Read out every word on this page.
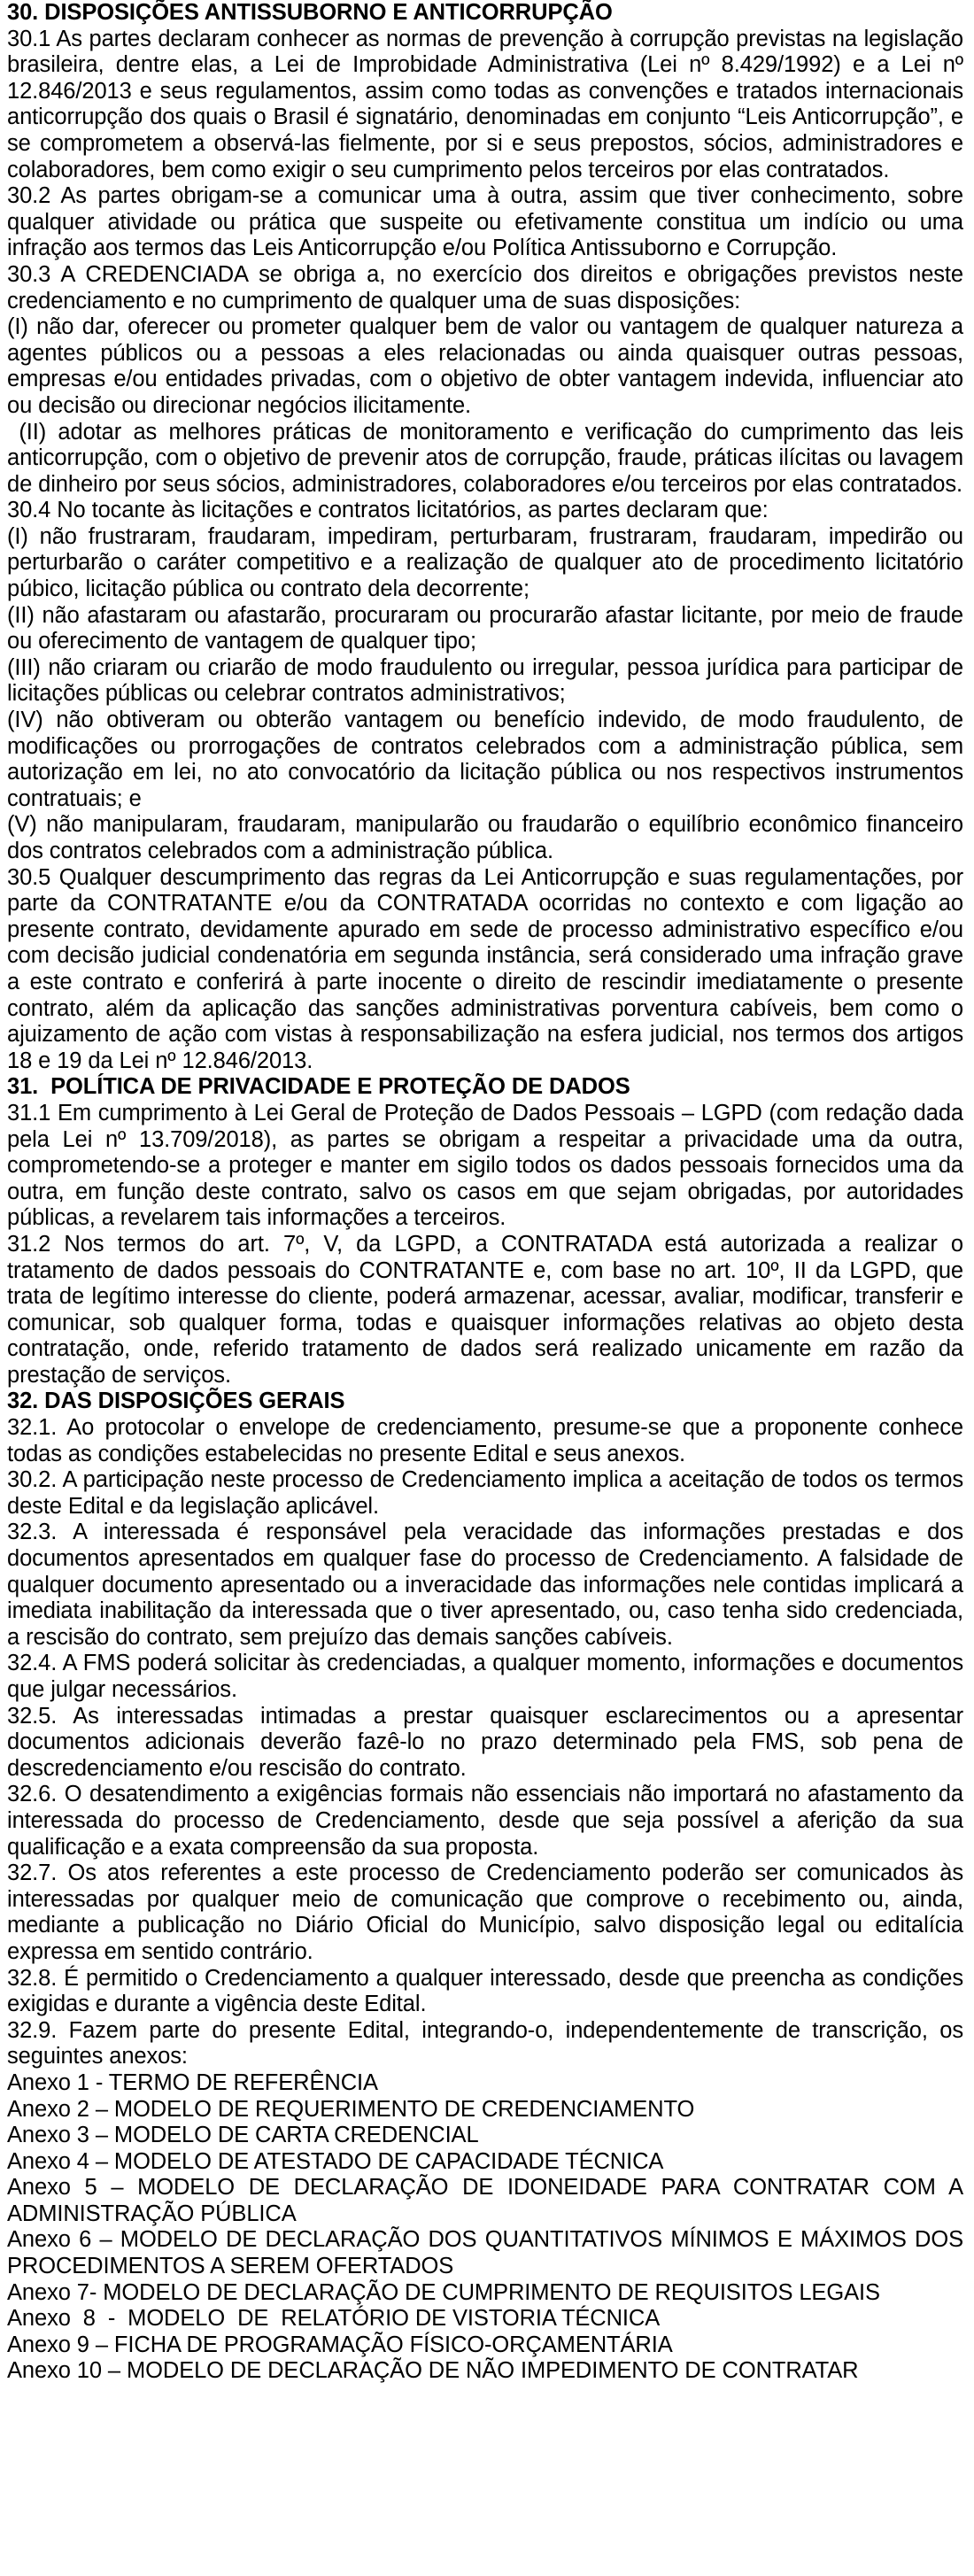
30. DISPOSIÇÕES ANTISSUBORNO E ANTICORRUPÇÃO

30.1 As partes declaram conhecer as normas de prevenção à corrupção previstas na legislação brasileira, dentre elas, a Lei de Improbidade Administrativa (Lei nº 8.429/1992) e a Lei nº 12.846/2013 e seus regulamentos, assim como todas as convenções e tratados internacionais anticorrupção dos quais o Brasil é signatário, denominadas em conjunto “Leis Anticorrupção”, e se comprometem a observá-las fielmente, por si e seus prepostos, sócios, administradores e colaboradores, bem como exigir o seu cumprimento pelos terceiros por elas contratados.

30.2 As partes obrigam-se a comunicar uma à outra, assim que tiver conhecimento, sobre qualquer atividade ou prática que suspeite ou efetivamente constitua um indício ou uma infração aos termos das Leis Anticorrupção e/ou Política Antissuborno e Corrupção.

30.3 A CREDENCIADA se obriga a, no exercício dos direitos e obrigações previstos neste credenciamento e no cumprimento de qualquer uma de suas disposições:

(I) não dar, oferecer ou prometer qualquer bem de valor ou vantagem de qualquer natureza a agentes públicos ou a pessoas a eles relacionadas ou ainda quaisquer outras pessoas, empresas e/ou entidades privadas, com o objetivo de obter vantagem indevida, influenciar ato ou decisão ou direcionar negócios ilicitamente.

(II) adotar as melhores práticas de monitoramento e verificação do cumprimento das leis anticorrupção, com o objetivo de prevenir atos de corrupção, fraude, práticas ilícitas ou lavagem de dinheiro por seus sócios, administradores, colaboradores e/ou terceiros por elas contratados.

30.4 No tocante às licitações e contratos licitatórios, as partes declaram que:

(I) não frustraram, fraudaram, impediram, perturbaram, frustraram, fraudaram, impedirão ou perturbarão o caráter competitivo e a realização de qualquer ato de procedimento licitatório púbico, licitação pública ou contrato dela decorrente;

(II) não afastaram ou afastarão, procuraram ou procurarão afastar licitante, por meio de fraude ou oferecimento de vantagem de qualquer tipo;

(III) não criaram ou criarão de modo fraudulento ou irregular, pessoa jurídica para participar de licitações públicas ou celebrar contratos administrativos;

(IV) não obtiveram ou obterão vantagem ou benefício indevido, de modo fraudulento, de modificações ou prorrogações de contratos celebrados com a administração pública, sem autorização em lei, no ato convocatório da licitação pública ou nos respectivos instrumentos contratuais; e

(V) não manipularam, fraudaram, manipularão ou fraudarão o equilíbrio econômico financeiro dos contratos celebrados com a administração pública.

30.5 Qualquer descumprimento das regras da Lei Anticorrupção e suas regulamentações, por parte da CONTRATANTE e/ou da CONTRATADA ocorridas no contexto e com ligação ao presente contrato, devidamente apurado em sede de processo administrativo específico e/ou com decisão judicial condenatória em segunda instância, será considerado uma infração grave a este contrato e conferirá à parte inocente o direito de rescindir imediatamente o presente contrato, além da aplicação das sanções administrativas porventura cabíveis, bem como o ajuizamento de ação com vistas à responsabilização na esfera judicial, nos termos dos artigos 18 e 19 da Lei nº 12.846/2013.

31.  POLÍTICA DE PRIVACIDADE E PROTEÇÃO DE DADOS

31.1 Em cumprimento à Lei Geral de Proteção de Dados Pessoais – LGPD (com redação dada pela Lei nº 13.709/2018), as partes se obrigam a respeitar a privacidade uma da outra, comprometendo-se a proteger e manter em sigilo todos os dados pessoais fornecidos uma da outra, em função deste contrato, salvo os casos em que sejam obrigadas, por autoridades públicas, a revelarem tais informações a terceiros.

31.2 Nos termos do art. 7º, V, da LGPD, a CONTRATADA está autorizada a realizar o tratamento de dados pessoais do CONTRATANTE e, com base no art. 10º, II da LGPD, que trata de legítimo interesse do cliente, poderá armazenar, acessar, avaliar, modificar, transferir e comunicar, sob qualquer forma, todas e quaisquer informações relativas ao objeto desta contratação, onde, referido tratamento de dados será realizado unicamente em razão da prestação de serviços.

32. DAS DISPOSIÇÕES GERAIS

32.1. Ao protocolar o envelope de credenciamento, presume-se que a proponente conhece todas as condições estabelecidas no presente Edital e seus anexos.

30.2. A participação neste processo de Credenciamento implica a aceitação de todos os termos deste Edital e da legislação aplicável.

32.3. A interessada é responsável pela veracidade das informações prestadas e dos documentos apresentados em qualquer fase do processo de Credenciamento. A falsidade de qualquer documento apresentado ou a inveracidade das informações nele contidas implicará a imediata inabilitação da interessada que o tiver apresentado, ou, caso tenha sido credenciada, a rescisão do contrato, sem prejuízo das demais sanções cabíveis.

32.4. A FMS poderá solicitar às credenciadas, a qualquer momento, informações e documentos que julgar necessários.

32.5. As interessadas intimadas a prestar quaisquer esclarecimentos ou a apresentar documentos adicionais deverão fazê-lo no prazo determinado pela FMS, sob pena de descredenciamento e/ou rescisão do contrato.

32.6. O desatendimento a exigências formais não essenciais não importará no afastamento da interessada do processo de Credenciamento, desde que seja possível a aferição da sua qualificação e a exata compreensão da sua proposta.

32.7. Os atos referentes a este processo de Credenciamento poderão ser comunicados às interessadas por qualquer meio de comunicação que comprove o recebimento ou, ainda, mediante a publicação no Diário Oficial do Município, salvo disposição legal ou editalícia expressa em sentido contrário.

32.8. É permitido o Credenciamento a qualquer interessado, desde que preencha as condições exigidas e durante a vigência deste Edital.

32.9. Fazem parte do presente Edital, integrando-o, independentemente de transcrição, os seguintes anexos:

Anexo 1 - TERMO DE REFERÊNCIA

Anexo 2 – MODELO DE REQUERIMENTO DE CREDENCIAMENTO

Anexo 3 – MODELO DE CARTA CREDENCIAL

Anexo 4 – MODELO DE ATESTADO DE CAPACIDADE TÉCNICA

Anexo 5 – MODELO DE DECLARAÇÃO DE IDONEIDADE PARA CONTRATAR COM A ADMINISTRAÇÃO PÚBLICA

Anexo 6 – MODELO DE DECLARAÇÃO DOS QUANTITATIVOS MÍNIMOS E MÁXIMOS DOS PROCEDIMENTOS A SEREM OFERTADOS

Anexo 7- MODELO DE DECLARAÇÃO DE CUMPRIMENTO DE REQUISITOS LEGAIS

Anexo  8  -  MODELO  DE  RELATÓRIO DE VISTORIA TÉCNICA

Anexo 9 – FICHA DE PROGRAMAÇÃO FÍSICO-ORÇAMENTÁRIA

Anexo 10 – MODELO DE DECLARAÇÃO DE NÃO IMPEDIMENTO DE CONTRATAR
